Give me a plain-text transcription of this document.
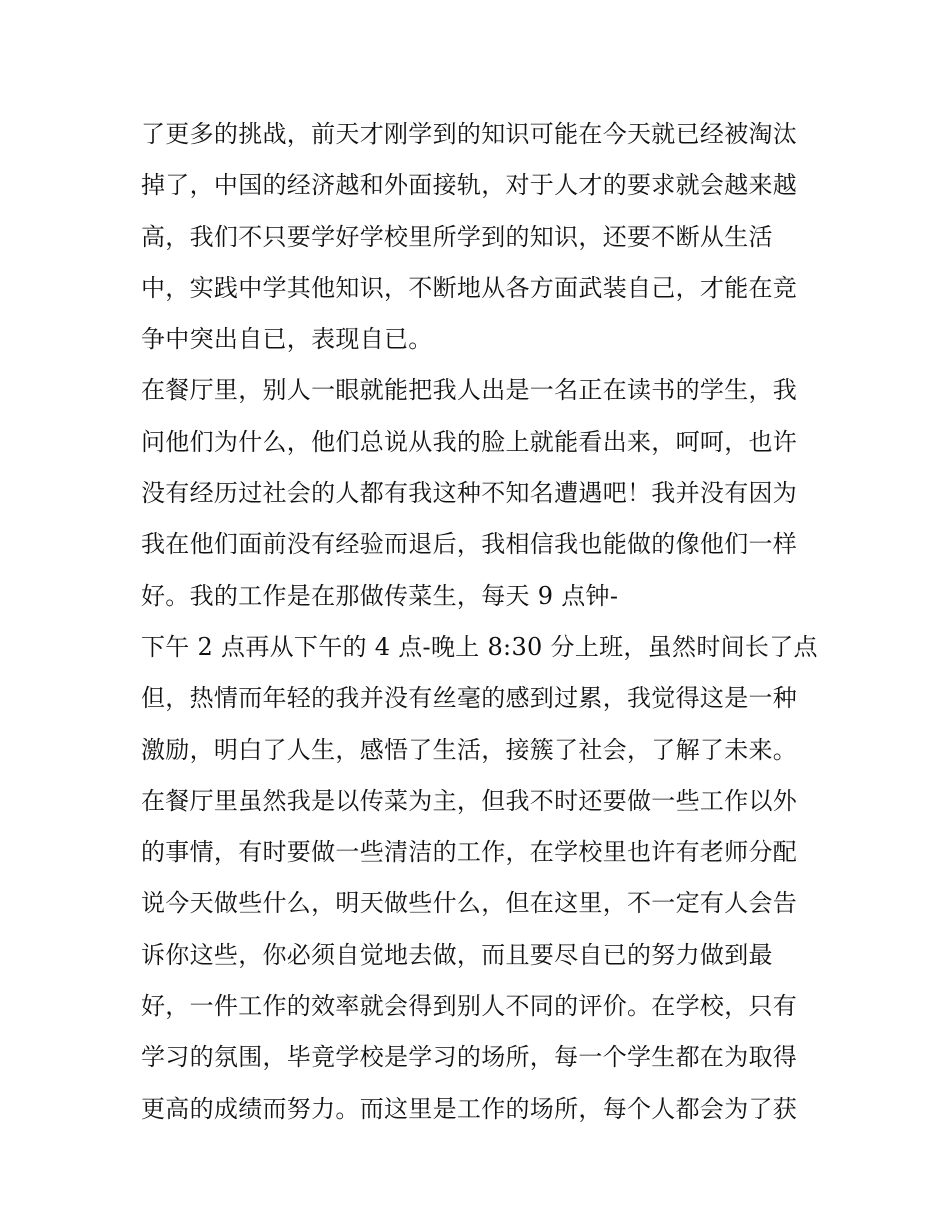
了更多的挑战，前天才刚学到的知识可能在今天就已经被淘汰
掉了，中国的经济越和外面接轨，对于人才的要求就会越来越
高，我们不只要学好学校里所学到的知识，还要不断从生活
中，实践中学其他知识，不断地从各方面武装自己，才能在竞
争中突出自已，表现自已。
在餐厅里，别人一眼就能把我人出是一名正在读书的学生，我
问他们为什么，他们总说从我的脸上就能看出来，呵呵，也许
没有经历过社会的人都有我这种不知名遭遇吧！我并没有因为
我在他们面前没有经验而退后，我相信我也能做的像他们一样
好。我的工作是在那做传菜生，每天 9 点钟-
下午 2 点再从下午的 4 点-晚上 8:30 分上班，虽然时间长了点
但，热情而年轻的我并没有丝毫的感到过累，我觉得这是一种
激励，明白了人生，感悟了生活，接簇了社会，了解了未来。
在餐厅里虽然我是以传菜为主，但我不时还要做一些工作以外
的事情，有时要做一些清洁的工作，在学校里也许有老师分配
说今天做些什么，明天做些什么，但在这里，不一定有人会告
诉你这些，你必须自觉地去做，而且要尽自已的努力做到最
好，一件工作的效率就会得到别人不同的评价。在学校，只有
学习的氛围，毕竟学校是学习的场所，每一个学生都在为取得
更高的成绩而努力。而这里是工作的场所，每个人都会为了获
